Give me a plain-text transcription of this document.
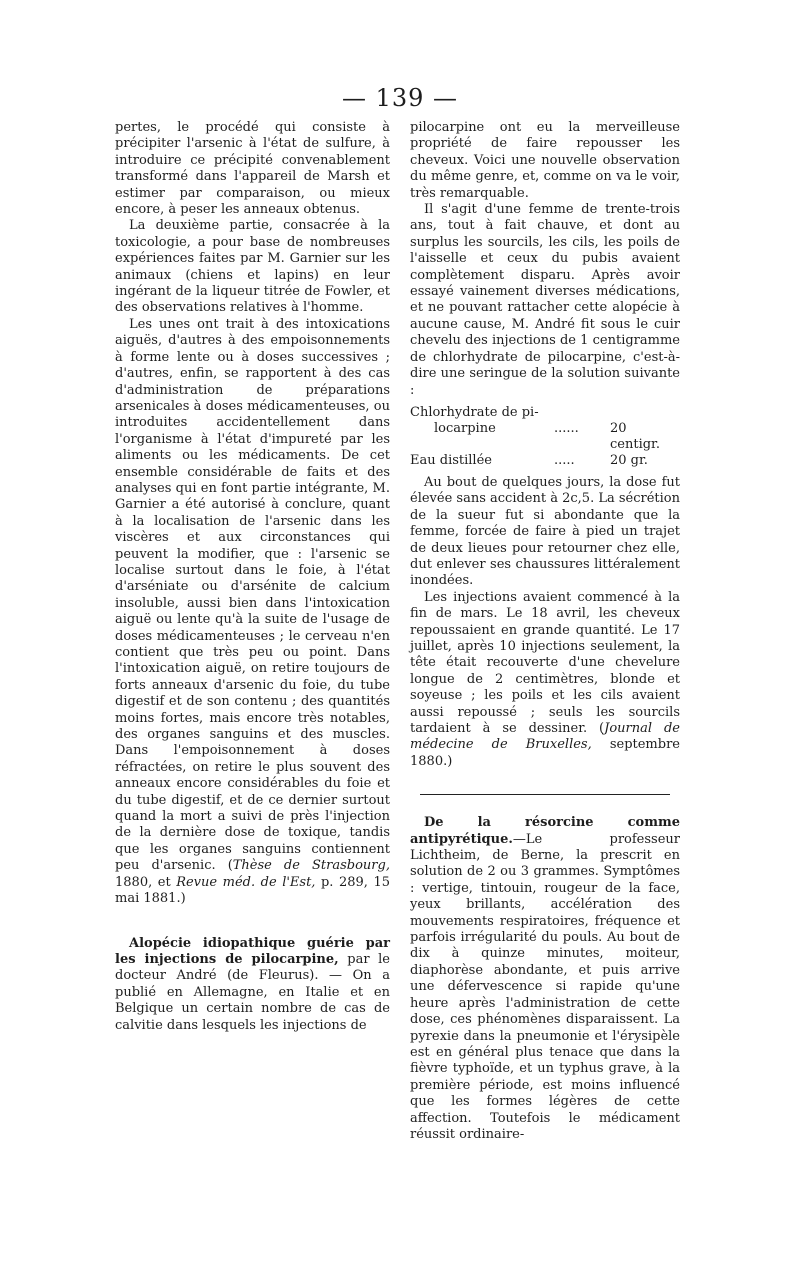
— 139 —

pertes, le procédé qui consiste à précipiter l'arsenic à l'état de sulfure, à introduire ce précipité convenablement transformé dans l'appareil de Marsh et estimer par comparaison, ou mieux encore, à peser les anneaux obtenus.

La deuxième partie, consacrée à la toxicologie, a pour base de nombreuses expériences faites par M. Garnier sur les animaux (chiens et lapins) en leur ingérant de la liqueur titrée de Fowler, et des observations relatives à l'homme.

Les unes ont trait à des intoxications aiguës, d'autres à des empoisonnements à forme lente ou à doses successives ; d'autres, enfin, se rapportent à des cas d'administration de préparations arsenicales à doses médicamenteuses, ou introduites accidentellement dans l'organisme à l'état d'impureté par les aliments ou les médicaments. De cet ensemble considérable de faits et des analyses qui en font partie intégrante, M. Garnier a été autorisé à conclure, quant à la localisation de l'arsenic dans les viscères et aux circonstances qui peuvent la modifier, que : l'arsenic se localise surtout dans le foie, à l'état d'arséniate ou d'arsénite de calcium insoluble, aussi bien dans l'intoxication aiguë ou lente qu'à la suite de l'usage de doses médicamenteuses ; le cerveau n'en contient que très peu ou point. Dans l'intoxication aiguë, on retire toujours de forts anneaux d'arsenic du foie, du tube digestif et de son contenu ; des quantités moins fortes, mais encore très notables, des organes sanguins et des muscles. Dans l'empoisonnement à doses réfractées, on retire le plus souvent des anneaux encore considérables du foie et du tube digestif, et de ce dernier surtout quand la mort a suivi de près l'injection de la dernière dose de toxique, tandis que les organes sanguins contiennent peu d'arsenic. (Thèse de Strasbourg, 1880, et Revue méd. de l'Est, p. 289, 15 mai 1881.)

Alopécie idiopathique guérie par les injections de pilocarpine, par le docteur André (de Fleurus). — On a publié en Allemagne, en Italie et en Belgique un certain nombre de cas de calvitie dans lesquels les injections de

pilocarpine ont eu la merveilleuse propriété de faire repousser les cheveux. Voici une nouvelle observation du même genre, et, comme on va le voir, très remarquable.

Il s'agit d'une femme de trente-trois ans, tout à fait chauve, et dont au surplus les sourcils, les cils, les poils de l'aisselle et ceux du pubis avaient complètement disparu. Après avoir essayé vainement diverses médications, et ne pouvant rattacher cette alopécie à aucune cause, M. André fit sous le cuir chevelu des injections de 1 centigramme de chlorhydrate de pilocarpine, c'est-à-dire une seringue de la solution suivante :

Chlorhydrate de pi-
locarpine	......	20 centigr.
Eau distillée	.....	20 gr.

Au bout de quelques jours, la dose fut élevée sans accident à 2c,5. La sécrétion de la sueur fut si abondante que la femme, forcée de faire à pied un trajet de deux lieues pour retourner chez elle, dut enlever ses chaussures littéralement inondées.

Les injections avaient commencé à la fin de mars. Le 18 avril, les cheveux repoussaient en grande quantité. Le 17 juillet, après 10 injections seulement, la tête était recouverte d'une chevelure longue de 2 centimètres, blonde et soyeuse ; les poils et les cils avaient aussi repoussé ; seuls les sourcils tardaient à se dessiner. (Journal de médecine de Bruxelles, septembre 1880.)

De la résorcine comme antipyrétique.—Le professeur Lichtheim, de Berne, la prescrit en solution de 2 ou 3 grammes. Symptômes : vertige, tintouin, rougeur de la face, yeux brillants, accélération des mouvements respiratoires, fréquence et parfois irrégularité du pouls. Au bout de dix à quinze minutes, moiteur, diaphorèse abondante, et puis arrive une défervescence si rapide qu'une heure après l'administration de cette dose, ces phénomènes disparaissent. La pyrexie dans la pneumonie et l'érysipèle est en général plus tenace que dans la fièvre typhoïde, et un typhus grave, à la première période, est moins influencé que les formes légères de cette affection. Toutefois le médicament réussit ordinaire-
